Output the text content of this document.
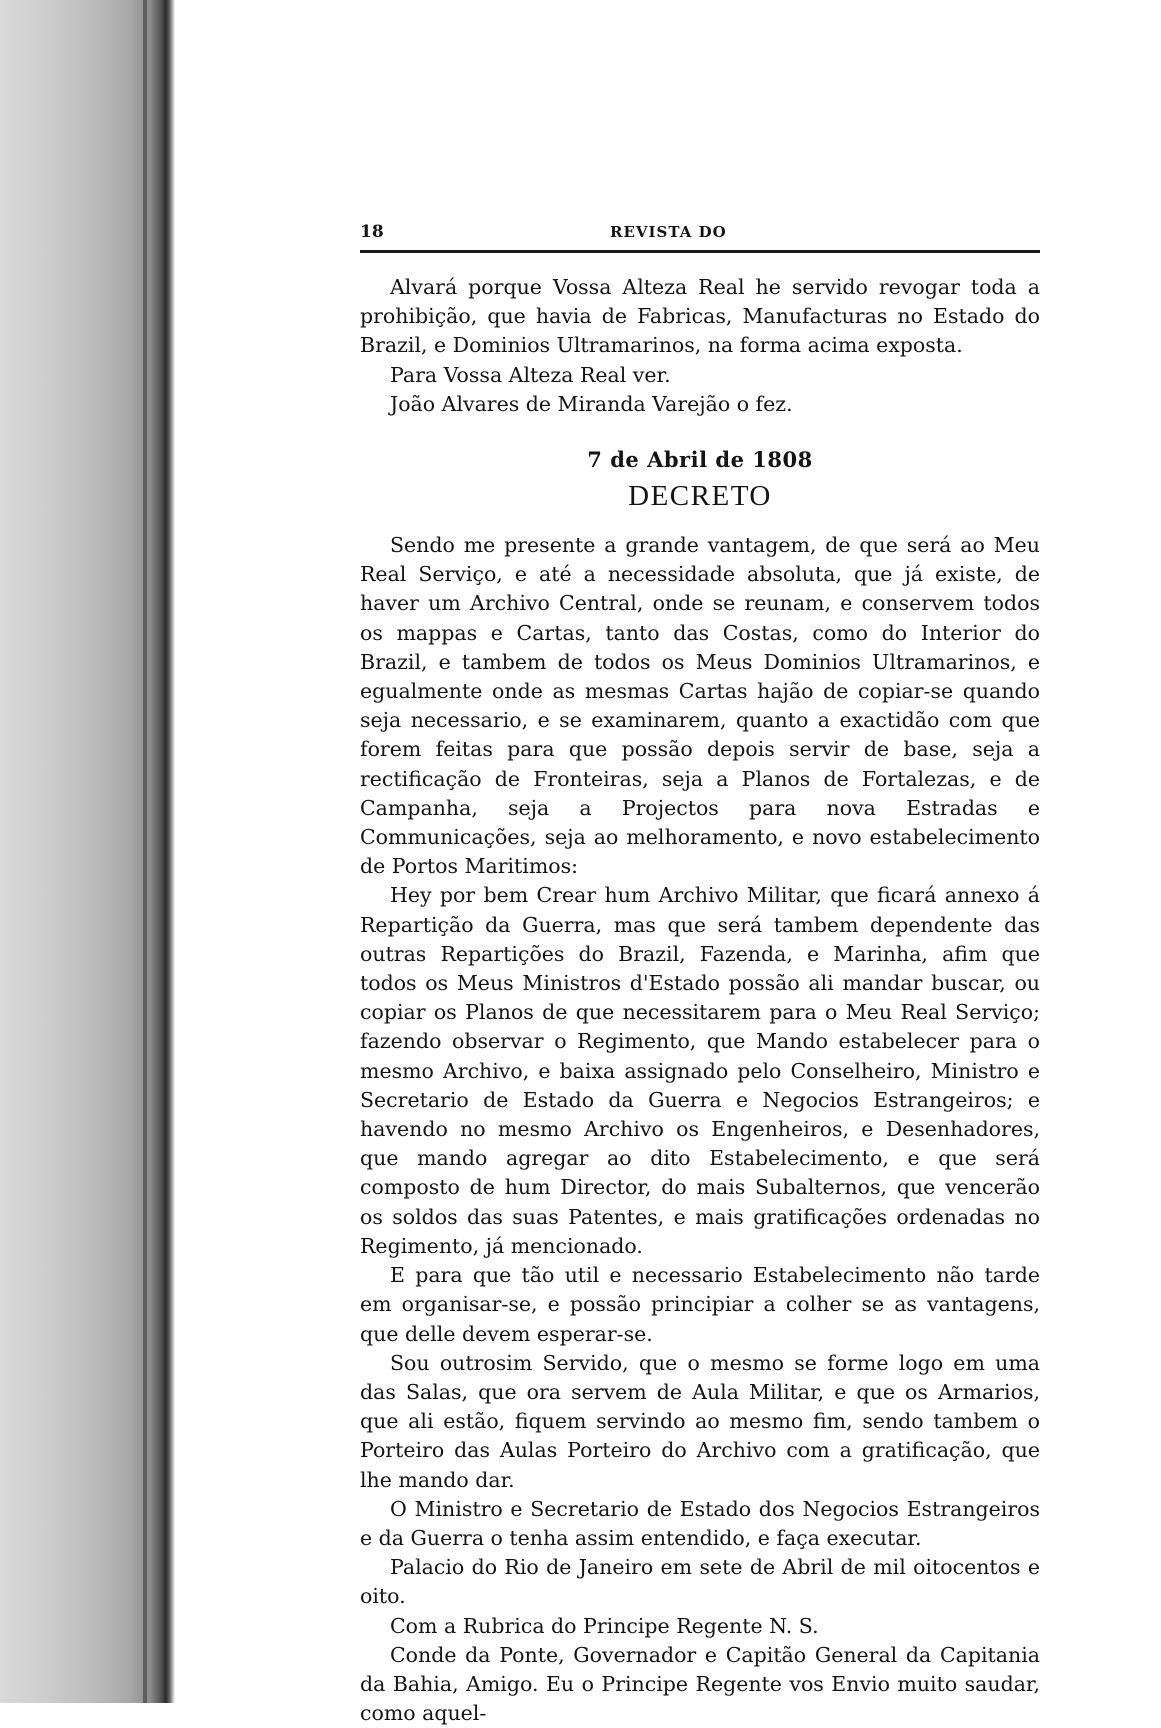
18	REVISTA DO

Alvará porque Vossa Alteza Real he servido revogar toda a prohibição, que havia de Fabricas, Manufacturas no Estado do Brazil, e Dominios Ultramarinos, na forma acima exposta.

Para Vossa Alteza Real ver.

João Alvares de Miranda Varejão o fez.

7 de Abril de 1808
DECRETO

Sendo me presente a grande vantagem, de que será ao Meu Real Serviço, e até a necessidade absoluta, que já existe, de haver um Archivo Central, onde se reunam, e conservem todos os mappas e Cartas, tanto das Costas, como do Interior do Brazil, e tambem de todos os Meus Dominios Ultramarinos, e egualmente onde as mesmas Cartas hajão de copiar-se quando seja necessario, e se examinarem, quanto a exactidão com que forem feitas para que possão depois servir de base, seja a rectificação de Fronteiras, seja a Planos de Fortalezas, e de Campanha, seja a Projectos para nova Estradas e Communicações, seja ao melhoramento, e novo estabelecimento de Portos Maritimos:

Hey por bem Crear hum Archivo Militar, que ficará annexo á Repartição da Guerra, mas que será tambem dependente das outras Repartições do Brazil, Fazenda, e Marinha, afim que todos os Meus Ministros d'Estado possão ali mandar buscar, ou copiar os Planos de que necessitarem para o Meu Real Serviço; fazendo observar o Regimento, que Mando estabelecer para o mesmo Archivo, e baixa assignado pelo Conselheiro, Ministro e Secretario de Estado da Guerra e Negocios Estrangeiros; e havendo no mesmo Archivo os Engenheiros, e Desenhadores, que mando agregar ao dito Estabelecimento, e que será composto de hum Director, do mais Subalternos, que vencerão os soldos das suas Patentes, e mais gratificações ordenadas no Regimento, já mencionado.

E para que tão util e necessario Estabelecimento não tarde em organisar-se, e possão principiar a colher se as vantagens, que delle devem esperar-se.

Sou outrosim Servido, que o mesmo se forme logo em uma das Salas, que ora servem de Aula Militar, e que os Armarios, que ali estão, fiquem servindo ao mesmo fim, sendo tambem o Porteiro das Aulas Porteiro do Archivo com a gratificação, que lhe mando dar.

O Ministro e Secretario de Estado dos Negocios Estrangeiros e da Guerra o tenha assim entendido, e faça executar.

Palacio do Rio de Janeiro em sete de Abril de mil oitocentos e oito.

Com a Rubrica do Principe Regente N. S.

Conde da Ponte, Governador e Capitão General da Capitania da Bahia, Amigo. Eu o Principe Regente vos Envio muito saudar, como aquel-
